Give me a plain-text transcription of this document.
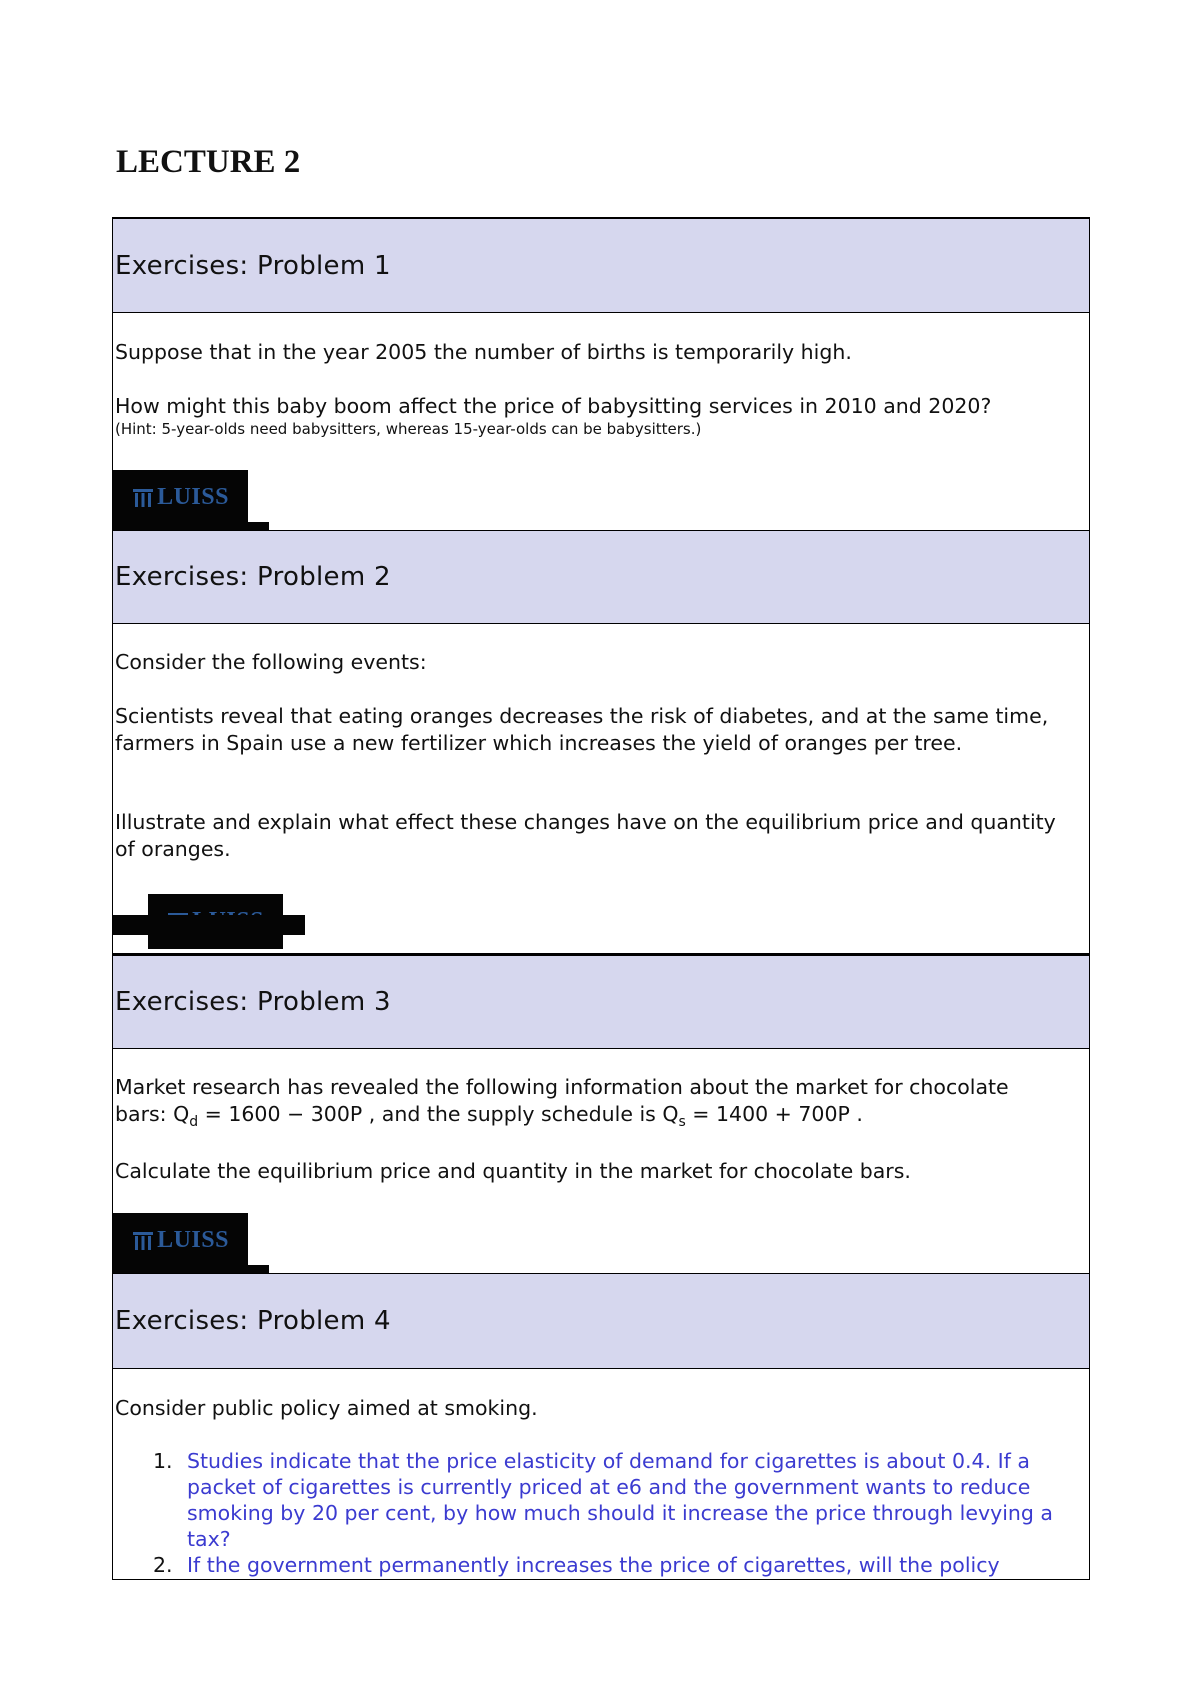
LECTURE 2
Exercises: Problem 1

Suppose that in the year 2005 the number of births is temporarily high.

How might this baby boom affect the price of babysitting services in 2010 and 2020?

(Hint: 5-year-olds need babysitters, whereas 15-year-olds can be babysitters.)

LUISS
Exercises: Problem 2

Consider the following events:

Scientists reveal that eating oranges decreases the risk of diabetes, and at the same time, farmers in Spain use a new fertilizer which increases the yield of oranges per tree.

Illustrate and explain what effect these changes have on the equilibrium price and quantity of oranges.

Exercises: Problem 3

Market research has revealed the following information about the market for chocolate
bars: $Q_d = 1600 - 300P$ , and the supply schedule is $Q_s = 1400 + 700P$ .

Calculate the equilibrium price and quantity in the market for chocolate bars.

LUISS
Exercises: Problem 4

Consider public policy aimed at smoking.

1. Studies indicate that the price elasticity of demand for cigarettes is about 0.4. If a packet of cigarettes is currently priced at e6 and the government wants to reduce smoking by 20 per cent, by how much should it increase the price through levying a tax?
2. If the government permanently increases the price of cigarettes, will the policy
